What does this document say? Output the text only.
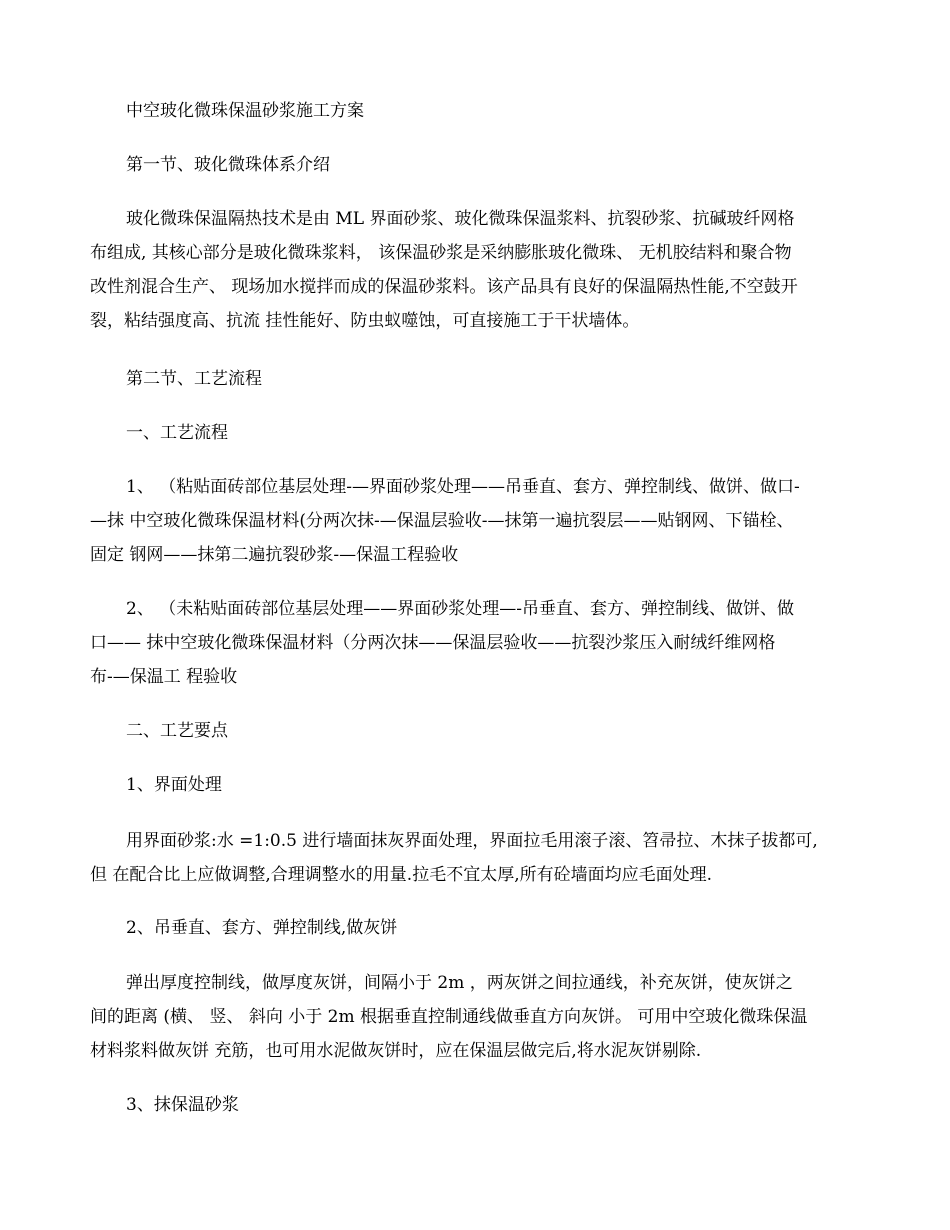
中空玻化微珠保温砂浆施工方案

第一节、玻化微珠体系介绍

玻化微珠保温隔热技术是由 ML 界面砂浆、玻化微珠保温浆料、抗裂砂浆、抗碱玻纤网格
布组成, 其核心部分是玻化微珠浆料， 该保温砂浆是采纳膨胀玻化微珠、 无机胶结料和聚合物
改性剂混合生产、 现场加水搅拌而成的保温砂浆料。该产品具有良好的保温隔热性能,不空鼓开
裂，粘结强度高、抗流 挂性能好、防虫蚁噬蚀，可直接施工于干状墙体。

第二节、工艺流程

一、工艺流程

1、 （粘贴面砖部位基层处理-—界面砂浆处理——吊垂直、套方、弹控制线、做饼、做口-
—抹 中空玻化微珠保温材料(分两次抹-—保温层验收-—抹第一遍抗裂层——贴钢网、下锚栓、
固定 钢网——抹第二遍抗裂砂浆-—保温工程验收

2、 （未粘贴面砖部位基层处理——界面砂浆处理—-吊垂直、套方、弹控制线、做饼、做
口—— 抹中空玻化微珠保温材料（分两次抹——保温层验收——抗裂沙浆压入耐绒纤维网格
布-—保温工 程验收

二、工艺要点

1、界面处理

用界面砂浆:水 =1:0.5 进行墙面抹灰界面处理，界面拉毛用滚子滚、笤帚拉、木抹子拔都可,
但 在配合比上应做调整,合理调整水的用量.拉毛不宜太厚,所有砼墙面均应毛面处理.

2、吊垂直、套方、弹控制线,做灰饼

弹出厚度控制线，做厚度灰饼，间隔小于 2m ，两灰饼之间拉通线，补充灰饼，使灰饼之
间的距离 (横、 竖、 斜向 小于 2m 根据垂直控制通线做垂直方向灰饼。 可用中空玻化微珠保温
材料浆料做灰饼 充筋，也可用水泥做灰饼时，应在保温层做完后,将水泥灰饼剔除.

3、抹保温砂浆
